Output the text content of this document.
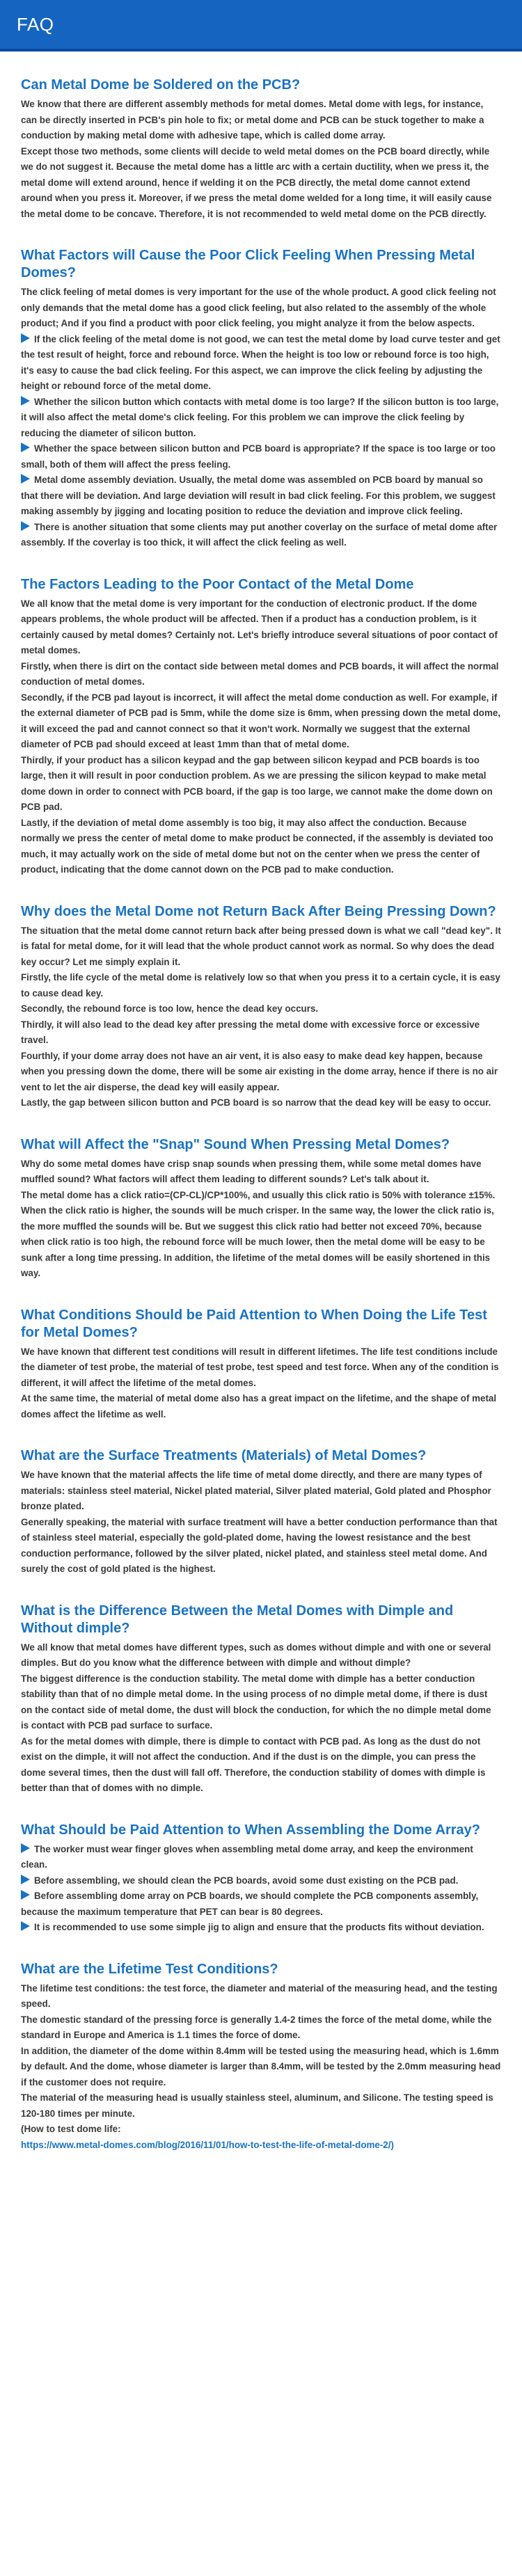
FAQ
Can Metal Dome be Soldered on the PCB?

We know that there are different assembly methods for metal domes. Metal dome with legs, for instance, can be directly inserted in PCB's pin hole to fix; or metal dome and PCB can be stuck together to make a conduction by making metal dome with adhesive tape, which is called dome array.

Except those two methods, some clients will decide to weld metal domes on the PCB board directly, while we do not suggest it. Because the metal dome has a little arc with a certain ductility, when we press it, the metal dome will extend around, hence if welding it on the PCB directly, the metal dome cannot extend around when you press it. Moreover, if we press the metal dome welded for a long time, it will easily cause the metal dome to be concave. Therefore, it is not recommended to weld metal dome on the PCB directly.

What Factors will Cause the Poor Click Feeling When Pressing Metal Domes?

The click feeling of metal domes is very important for the use of the whole product. A good click feeling not only demands that the metal dome has a good click feeling, but also related to the assembly of the whole product; And if you find a product with poor click feeling, you might analyze it from the below aspects.

If the click feeling of the metal dome is not good, we can test the metal dome by load curve tester and get the test result of height, force and rebound force. When the height is too low or rebound force is too high, it's easy to cause the bad click feeling. For this aspect, we can improve the click feeling by adjusting the height or rebound force of the metal dome.

Whether the silicon button which contacts with metal dome is too large? If the silicon button is too large, it will also affect the metal dome's click feeling. For this problem we can improve the click feeling by reducing the diameter of silicon button.

Whether the space between silicon button and PCB board is appropriate? If the space is too large or too small, both of them will affect the press feeling.

Metal dome assembly deviation. Usually, the metal dome was assembled on PCB board by manual so that there will be deviation. And large deviation will result in bad click feeling. For this problem, we suggest making assembly by jigging and locating position to reduce the deviation and improve click feeling.

There is another situation that some clients may put another coverlay on the surface of metal dome after assembly. If the coverlay is too thick, it will affect the click feeling as well.

The Factors Leading to the Poor Contact of the Metal Dome

We all know that the metal dome is very important for the conduction of electronic product. If the dome appears problems, the whole product will be affected. Then if a product has a conduction problem, is it certainly caused by metal domes? Certainly not. Let's briefly introduce several situations of poor contact of metal domes.

Firstly, when there is dirt on the contact side between metal domes and PCB boards, it will affect the normal conduction of metal domes.

Secondly, if the PCB pad layout is incorrect, it will affect the metal dome conduction as well. For example, if the external diameter of PCB pad is 5mm, while the dome size is 6mm, when pressing down the metal dome, it will exceed the pad and cannot connect so that it won't work. Normally we suggest that the external diameter of PCB pad should exceed at least 1mm than that of metal dome.

Thirdly, if your product has a silicon keypad and the gap between silicon keypad and PCB boards is too large, then it will result in poor conduction problem. As we are pressing the silicon keypad to make metal dome down in order to connect with PCB board, if the gap is too large, we cannot make the dome down on PCB pad.

Lastly, if the deviation of metal dome assembly is too big, it may also affect the conduction. Because normally we press the center of metal dome to make product be connected, if the assembly is deviated too much, it may actually work on the side of metal dome but not on the center when we press the center of product, indicating that the dome cannot down on the PCB pad to make conduction.

Why does the Metal Dome not Return Back After Being Pressing Down?

The situation that the metal dome cannot return back after being pressed down is what we call "dead key". It is fatal for metal dome, for it will lead that the whole product cannot work as normal. So why does the dead key occur? Let me simply explain it.

Firstly, the life cycle of the metal dome is relatively low so that when you press it to a certain cycle, it is easy to cause dead key.

Secondly, the rebound force is too low, hence the dead key occurs.

Thirdly, it will also lead to the dead key after pressing the metal dome with excessive force or excessive travel.

Fourthly, if your dome array does not have an air vent, it is also easy to make dead key happen, because when you pressing down the dome, there will be some air existing in the dome array, hence if there is no air vent to let the air disperse, the dead key will easily appear.

Lastly, the gap between silicon button and PCB board is so narrow that the dead key will be easy to occur.

What will Affect the "Snap" Sound When Pressing Metal Domes?

Why do some metal domes have crisp snap sounds when pressing them, while some metal domes have muffled sound? What factors will affect them leading to different sounds? Let's talk about it.

The metal dome has a click ratio=(CP-CL)/CP*100%, and usually this click ratio is 50% with tolerance ±15%. When the click ratio is higher, the sounds will be much crisper. In the same way, the lower the click ratio is, the more muffled the sounds will be. But we suggest this click ratio had better not exceed 70%, because when click ratio is too high, the rebound force will be much lower, then the metal dome will be easy to be sunk after a long time pressing. In addition, the lifetime of the metal domes will be easily shortened in this way.

What Conditions Should be Paid Attention to When Doing the Life Test for Metal Domes?

We have known that different test conditions will result in different lifetimes. The life test conditions include the diameter of test probe, the material of test probe, test speed and test force. When any of the condition is different, it will affect the lifetime of the metal domes.

At the same time, the material of metal dome also has a great impact on the lifetime, and the shape of metal domes affect the lifetime as well.

What are the Surface Treatments (Materials) of Metal Domes?

We have known that the material affects the life time of metal dome directly, and there are many types of materials: stainless steel material, Nickel plated material, Silver plated material, Gold plated and Phosphor bronze plated.

Generally speaking, the material with surface treatment will have a better conduction performance than that of stainless steel material, especially the gold-plated dome, having the lowest resistance and the best conduction performance, followed by the silver plated, nickel plated, and stainless steel metal dome. And surely the cost of gold plated is the highest.

What is the Difference Between the Metal Domes with Dimple and Without dimple?

We all know that metal domes have different types, such as domes without dimple and with one or several dimples. But do you know what the difference between with dimple and without dimple?

The biggest difference is the conduction stability. The metal dome with dimple has a better conduction stability than that of no dimple metal dome. In the using process of no dimple metal dome, if there is dust on the contact side of metal dome, the dust will block the conduction, for which the no dimple metal dome is contact with PCB pad surface to surface.

As for the metal domes with dimple, there is dimple to contact with PCB pad. As long as the dust do not exist on the dimple, it will not affect the conduction. And if the dust is on the dimple, you can press the dome several times, then the dust will fall off. Therefore, the conduction stability of domes with dimple is better than that of domes with no dimple.

What Should be Paid Attention to When Assembling the Dome Array?

The worker must wear finger gloves when assembling metal dome array, and keep the environment clean.

Before assembling, we should clean the PCB boards, avoid some dust existing on the PCB pad.

Before assembling dome array on PCB boards, we should complete the PCB components assembly, because the maximum temperature that PET can bear is 80 degrees.

It is recommended to use some simple jig to align and ensure that the products fits without deviation.

What are the Lifetime Test Conditions?

The lifetime test conditions: the test force, the diameter and material of the measuring head, and the testing speed.

The domestic standard of the pressing force is generally 1.4-2 times the force of the metal dome, while the standard in Europe and America is 1.1 times the force of dome.

In addition, the diameter of the dome within 8.4mm will be tested using the measuring head, which is 1.6mm by default. And the dome, whose diameter is larger than 8.4mm, will be tested by the 2.0mm measuring head if the customer does not require.

The material of the measuring head is usually stainless steel, aluminum, and Silicone. The testing speed is 120-180 times per minute.

(How to test dome life:

https://www.metal-domes.com/blog/2016/11/01/how-to-test-the-life-of-metal-dome-2/)
